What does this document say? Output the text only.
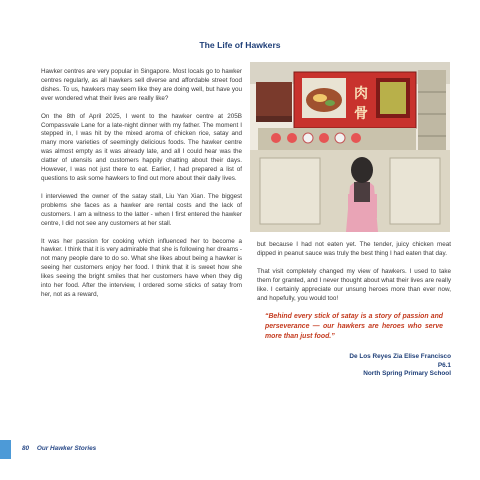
The Life of Hawkers

Hawker centres are very popular in Singapore. Most locals go to hawker centres regularly, as all hawkers sell diverse and affordable street food dishes. To us, hawkers may seem like they are doing well, but have you ever wondered what their lives are really like?

On the 8th of April 2025, I went to the hawker centre at 205B Compassvale Lane for a late-night dinner with my father. The moment I stepped in, I was hit by the mixed aroma of chicken rice, satay and many more varieties of seemingly delicious foods. The hawker centre was almost empty as it was already late, and all I could hear was the clatter of utensils and customers happily chatting about their days. However, I was not just there to eat. Earlier, I had prepared a list of questions to ask some hawkers to find out more about their daily lives.

I interviewed the owner of the satay stall, Liu Yan Xian. The biggest problems she faces as a hawker are rental costs and the lack of customers. I am a witness to the latter - when I first entered the hawker centre, I did not see any customers at her stall.

It was her passion for cooking which influenced her to become a hawker. I think that it is very admirable that she is following her dreams - not many people dare to do so. What she likes about being a hawker is seeing her customers enjoy her food. I think that it is sweet how she likes seeing the bright smiles that her customers have when they dig into her food. After the interview, I ordered some sticks of satay from her, not as a reward,

肉
骨

but because I had not eaten yet. The tender, juicy chicken meat dipped in peanut sauce was truly the best thing I had eaten that day.

That visit completely changed my view of hawkers. I used to take them for granted, and I never thought about what their lives are really like. I certainly appreciate our unsung heroes more than ever now, and hopefully, you would too!

“Behind every stick of satay is a story of passion and perseverance — our hawkers are heroes who serve more than just food.”

De Los Reyes Zia Elise Francisco

P6.1

North Spring Primary School

80 Our Hawker Stories
